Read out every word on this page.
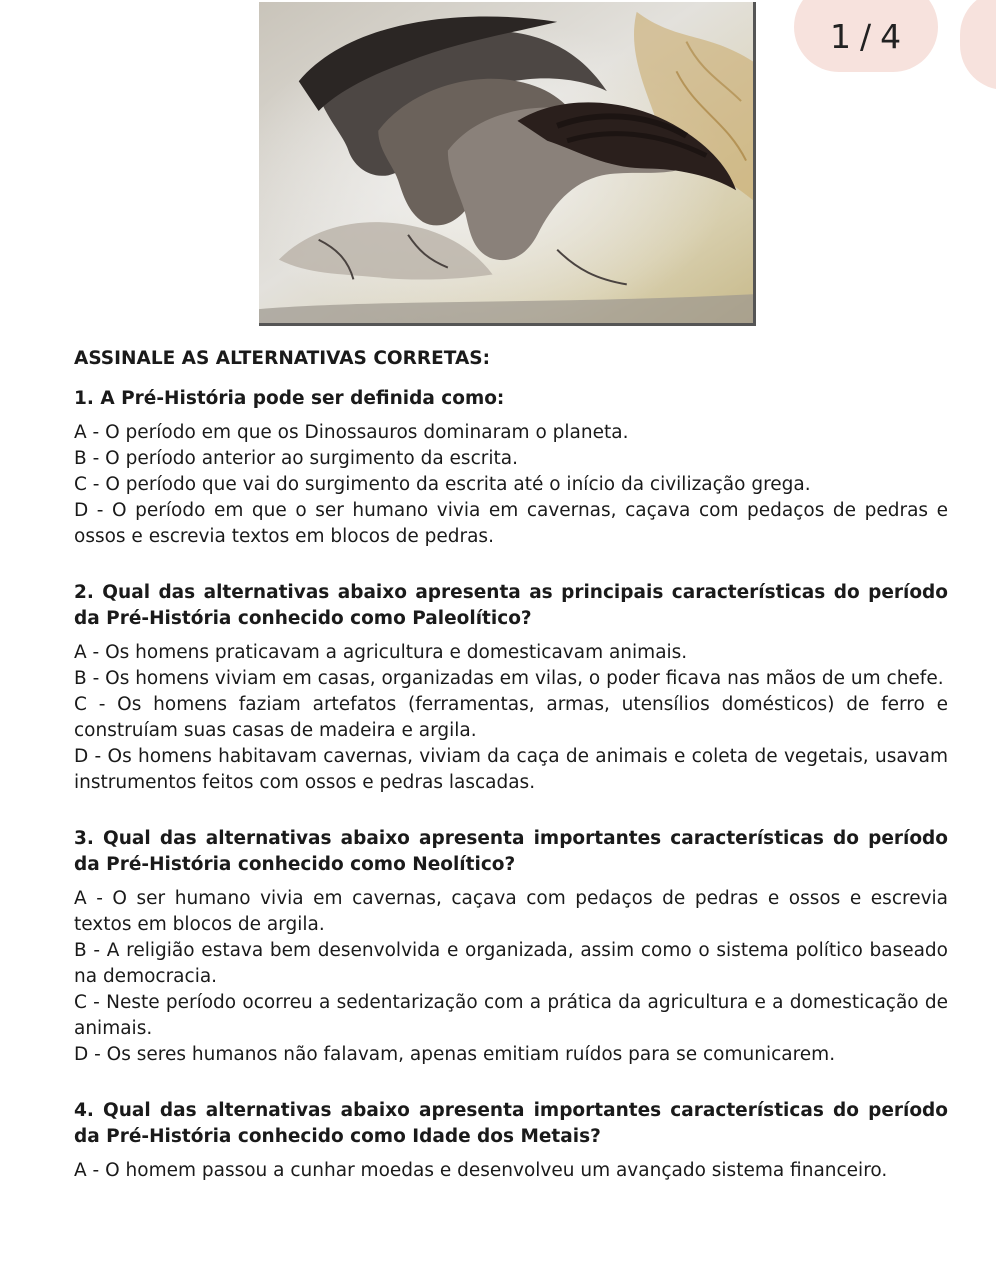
1 / 4

ASSINALE AS ALTERNATIVAS CORRETAS:

1. A Pré-História pode ser definida como:

A - O período em que os Dinossauros dominaram o planeta.
B - O período anterior ao surgimento da escrita.
C - O período que vai do surgimento da escrita até o início da civilização grega.
D - O período em que o ser humano vivia em cavernas, caçava com pedaços de pedras e ossos e escrevia textos em blocos de pedras.

2. Qual das alternativas abaixo apresenta as principais características do período da Pré-História conhecido como Paleolítico?

A - Os homens praticavam a agricultura e domesticavam animais.
B - Os homens viviam em casas, organizadas em vilas, o poder ficava nas mãos de um chefe.
C - Os homens faziam artefatos (ferramentas, armas, utensílios domésticos) de ferro e construíam suas casas de madeira e argila.
D - Os homens habitavam cavernas, viviam da caça de animais e coleta de vegetais, usavam instrumentos feitos com ossos e pedras lascadas.

3. Qual das alternativas abaixo apresenta importantes características do período da Pré-História conhecido como Neolítico?

A - O ser humano vivia em cavernas, caçava com pedaços de pedras e ossos e escrevia textos em blocos de argila.
B - A religião estava bem desenvolvida e organizada, assim como o sistema político baseado na democracia.
C - Neste período ocorreu a sedentarização com a prática da agricultura e a domesticação de animais.
D - Os seres humanos não falavam, apenas emitiam ruídos para se comunicarem.

4. Qual das alternativas abaixo apresenta importantes características do período da Pré-História conhecido como Idade dos Metais?

A - O homem passou a cunhar moedas e desenvolveu um avançado sistema financeiro.
